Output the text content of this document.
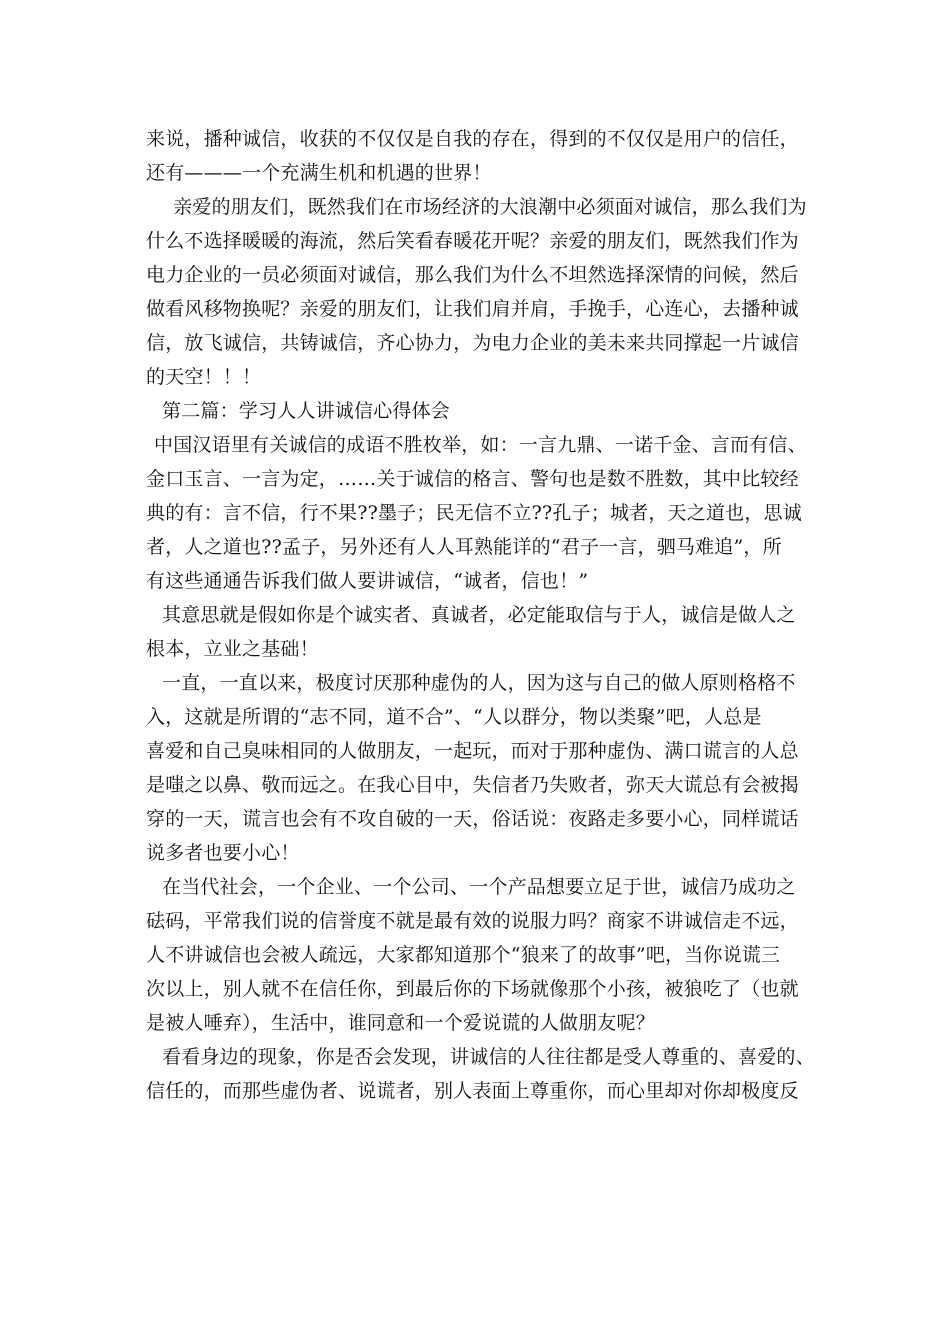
来说，播种诚信，收获的不仅仅是自我的存在，得到的不仅仅是用户的信任，
还有———一个充满生机和机遇的世界！
　亲爱的朋友们，既然我们在市场经济的大浪潮中必须面对诚信，那么我们为
什么不选择暖暖的海流，然后笑看春暖花开呢？亲爱的朋友们，既然我们作为
电力企业的一员必须面对诚信，那么我们为什么不坦然选择深情的问候，然后
做看风移物换呢？亲爱的朋友们，让我们肩并肩，手挽手，心连心，去播种诚
信，放飞诚信，共铸诚信，齐心协力，为电力企业的美未来共同撑起一片诚信
的天空！！！
第二篇：学习人人讲诚信心得体会
中国汉语里有关诚信的成语不胜枚举，如：一言九鼎、一诺千金、言而有信、
金口玉言、一言为定，……关于诚信的格言、警句也是数不胜数，其中比较经
典的有：言不信，行不果??墨子；民无信不立??孔子；城者，天之道也，思诚
者，人之道也??孟子，另外还有人人耳熟能详的“君子一言，驷马难追”，所
有这些通通告诉我们做人要讲诚信，“诚者，信也！”
其意思就是假如你是个诚实者、真诚者，必定能取信与于人，诚信是做人之
根本，立业之基础！
一直，一直以来，极度讨厌那种虚伪的人，因为这与自己的做人原则格格不
入，这就是所谓的“志不同，道不合”、“人以群分，物以类聚”吧，人总是
喜爱和自己臭味相同的人做朋友，一起玩，而对于那种虚伪、满口谎言的人总
是嗤之以鼻、敬而远之。在我心目中，失信者乃失败者，弥天大谎总有会被揭
穿的一天，谎言也会有不攻自破的一天，俗话说：夜路走多要小心，同样谎话
说多者也要小心！
在当代社会，一个企业、一个公司、一个产品想要立足于世，诚信乃成功之
砝码，平常我们说的信誉度不就是最有效的说服力吗？商家不讲诚信走不远，
人不讲诚信也会被人疏远，大家都知道那个“狼来了的故事”吧，当你说谎三
次以上，别人就不在信任你，到最后你的下场就像那个小孩，被狼吃了（也就
是被人唾弃），生活中，谁同意和一个爱说谎的人做朋友呢？
看看身边的现象，你是否会发现，讲诚信的人往往都是受人尊重的、喜爱的、
信任的，而那些虚伪者、说谎者，别人表面上尊重你，而心里却对你却极度反
